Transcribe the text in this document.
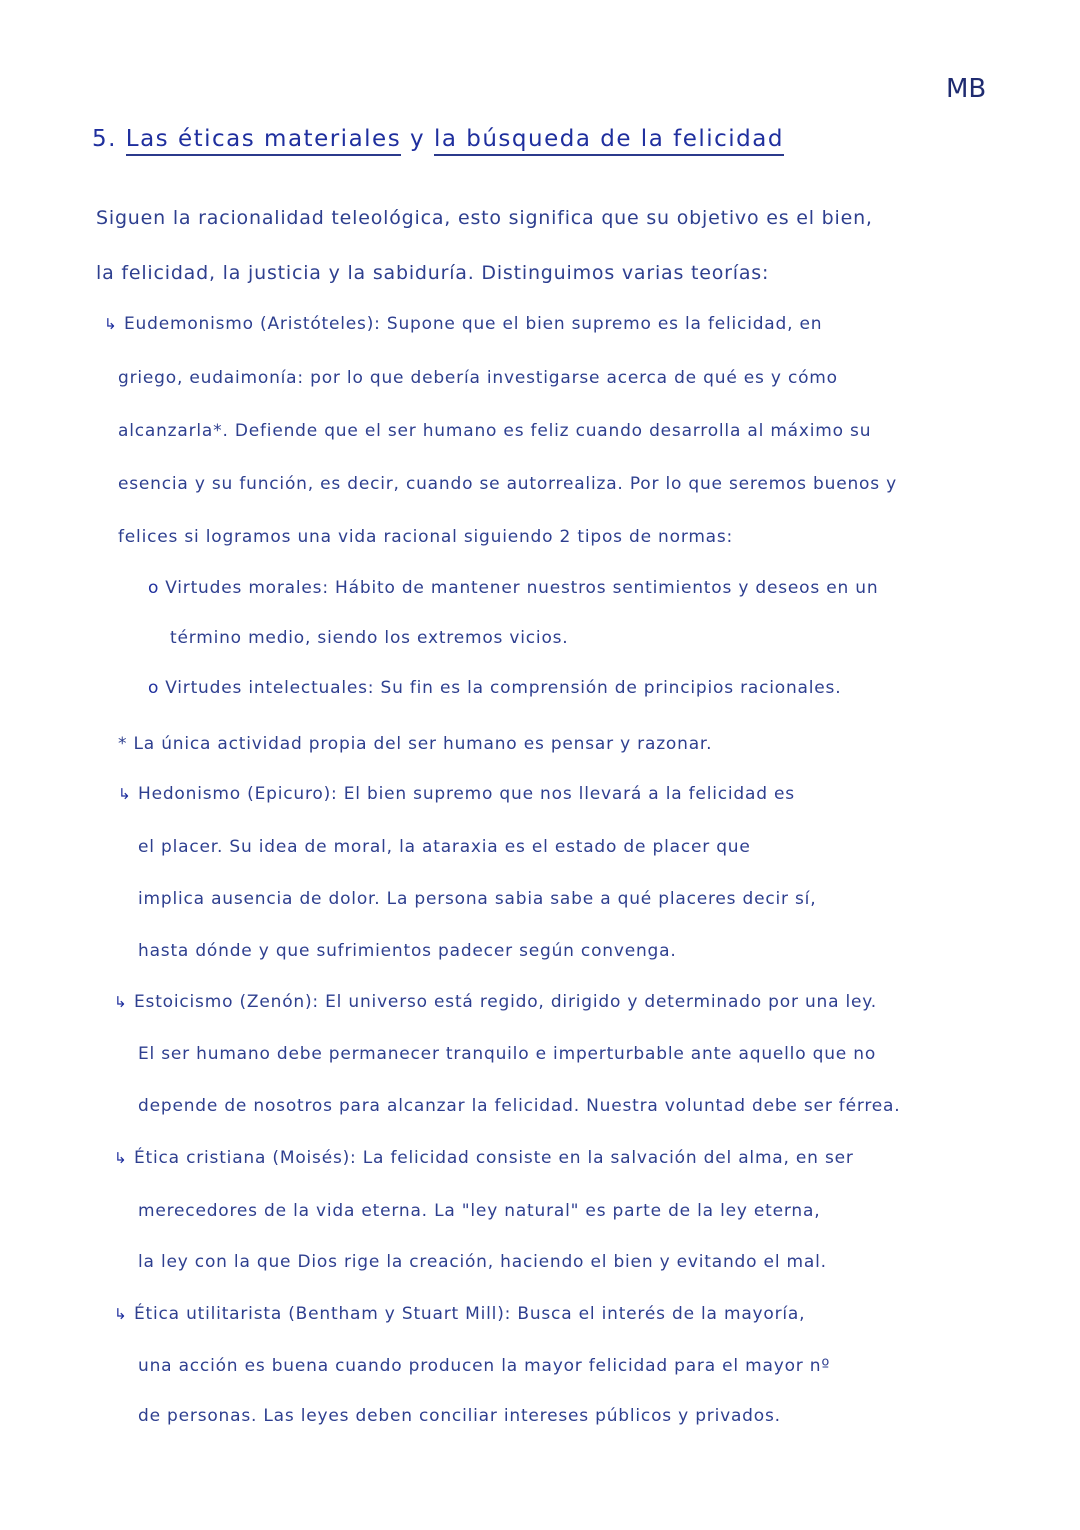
MB
5. Las éticas materiales y la búsqueda de la felicidad
Siguen la racionalidad teleológica, esto significa que su objetivo es el bien,
la felicidad, la justicia y la sabiduría. Distinguimos varias teorías:
↳ Eudemonismo (Aristóteles): Supone que el bien supremo es la felicidad, en
griego, eudaimonía: por lo que debería investigarse acerca de qué es y cómo
alcanzarla*. Defiende que el ser humano es feliz cuando desarrolla al máximo su
esencia y su función, es decir, cuando se autorrealiza. Por lo que seremos buenos y
felices si logramos una vida racional siguiendo 2 tipos de normas:
o Virtudes morales: Hábito de mantener nuestros sentimientos y deseos en un
término medio, siendo los extremos vicios.
o Virtudes intelectuales: Su fin es la comprensión de principios racionales.
* La única actividad propia del ser humano es pensar y razonar.
↳ Hedonismo (Epicuro): El bien supremo que nos llevará a la felicidad es
el placer. Su idea de moral, la ataraxia es el estado de placer que
implica ausencia de dolor. La persona sabia sabe a qué placeres decir sí,
hasta dónde y que sufrimientos padecer según convenga.
↳ Estoicismo (Zenón): El universo está regido, dirigido y determinado por una ley.
El ser humano debe permanecer tranquilo e imperturbable ante aquello que no
depende de nosotros para alcanzar la felicidad. Nuestra voluntad debe ser férrea.
↳ Ética cristiana (Moisés): La felicidad consiste en la salvación del alma, en ser
merecedores de la vida eterna. La "ley natural" es parte de la ley eterna,
la ley con la que Dios rige la creación, haciendo el bien y evitando el mal.
↳ Ética utilitarista (Bentham y Stuart Mill): Busca el interés de la mayoría,
una acción es buena cuando producen la mayor felicidad para el mayor nº
de personas. Las leyes deben conciliar intereses públicos y privados.
